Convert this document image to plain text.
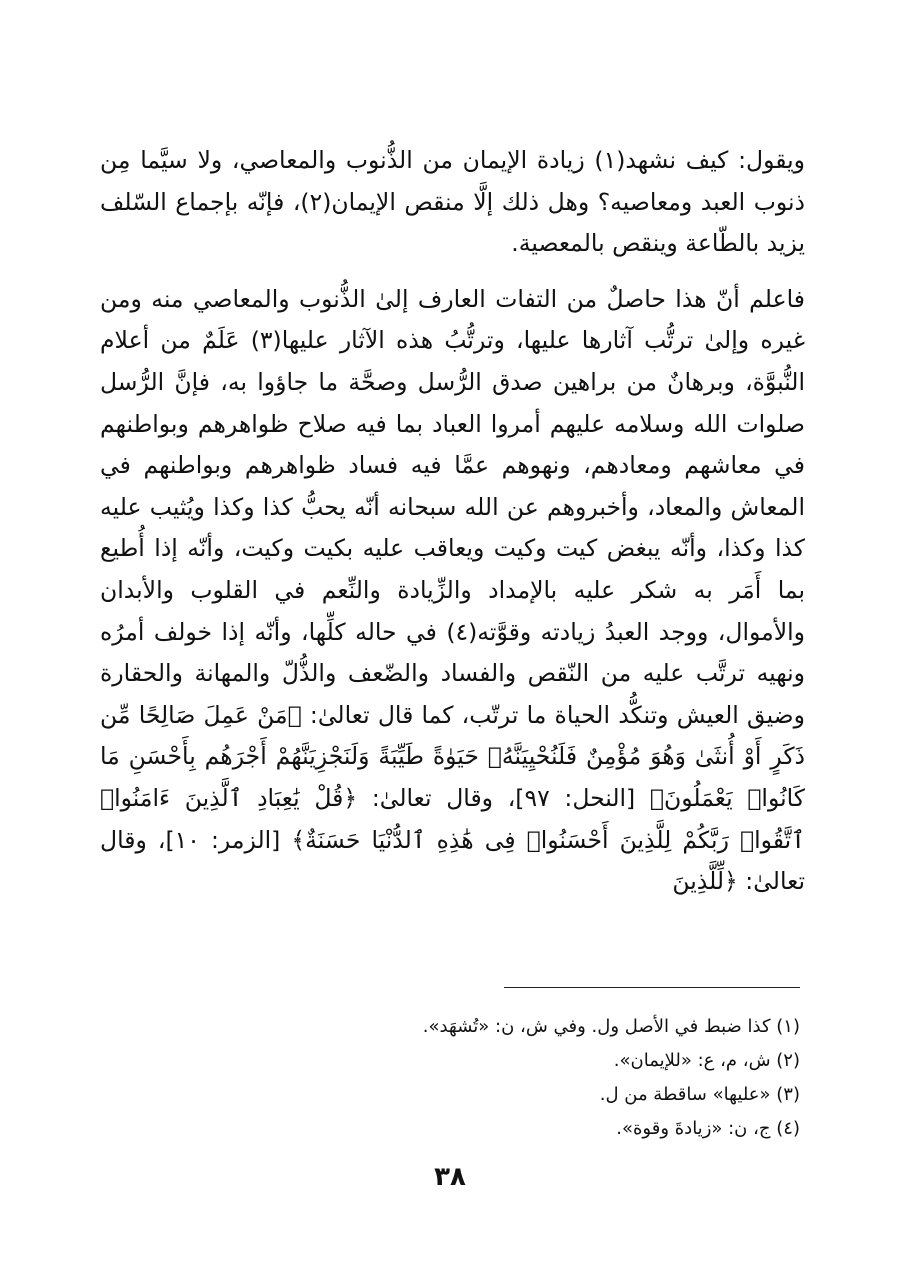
ويقول: كيف نشهد(١) زيادة الإيمان من الذُّنوب والمعاصي، ولا سيَّما مِن ذنوب العبد ومعاصيه؟ وهل ذلك إلَّا منقص الإيمان(٢)، فإنّه بإجماع السّلف يزيد بالطّاعة وينقص بالمعصية.

فاعلم أنّ هذا حاصلٌ من التفات العارف إلىٰ الذُّنوب والمعاصي منه ومن غيره وإلىٰ ترتُّب آثارها عليها، وترتُّبُ هذه الآثار عليها(٣) عَلَمٌ من أعلام النُّبوَّة، وبرهانٌ من براهين صدق الرُّسل وصحَّة ما جاؤوا به، فإنَّ الرُّسل صلوات الله وسلامه عليهم أمروا العباد بما فيه صلاح ظواهرهم وبواطنهم في معاشهم ومعادهم، ونهوهم عمَّا فيه فساد ظواهرهم وبواطنهم في المعاش والمعاد، وأخبروهم عن الله سبحانه أنّه يحبُّ كذا وكذا ويُثيب عليه كذا وكذا، وأنّه يبغض كيت وكيت ويعاقب عليه بكيت وكيت، وأنّه إذا أُطيع بما أَمَر به شكر عليه بالإمداد والزِّيادة والنِّعم في القلوب والأبدان والأموال، ووجد العبدُ زيادته وقوَّته(٤) في حاله كلِّها، وأنّه إذا خولف أمرُه ونهيه ترتَّب عليه من النّقص والفساد والضّعف والذُّلّ والمهانة والحقارة وضيق العيش وتنكُّد الحياة ما ترتّب، كما قال تعالىٰ: ﴿مَنْ عَمِلَ صَالِحًا مِّن ذَكَرٍ أَوْ أُنثَىٰ وَهُوَ مُؤْمِنٌ فَلَنُحْيِيَنَّهُۥ حَيَوٰةً طَيِّبَةً وَلَنَجْزِيَنَّهُمْ أَجْرَهُم بِأَحْسَنِ مَا كَانُوا۟ يَعْمَلُونَ﴾ [النحل: ٩٧]، وقال تعالىٰ: ﴿قُلْ يَٰعِبَادِ ٱلَّذِينَ ءَامَنُوا۟ ٱتَّقُوا۟ رَبَّكُمْ لِلَّذِينَ أَحْسَنُوا۟ فِى هَٰذِهِ ٱلدُّنْيَا حَسَنَةٌ﴾ [الزمر: ١٠]، وقال تعالىٰ: ﴿لِّلَّذِينَ

(١) كذا ضبط في الأصل ول. وفي ش، ن: «تُشهَد».
(٢) ش، م، ع: «للإيمان».
(٣) «عليها» ساقطة من ل.
(٤) ج، ن: «زيادةَ وقوة».
٣٨
